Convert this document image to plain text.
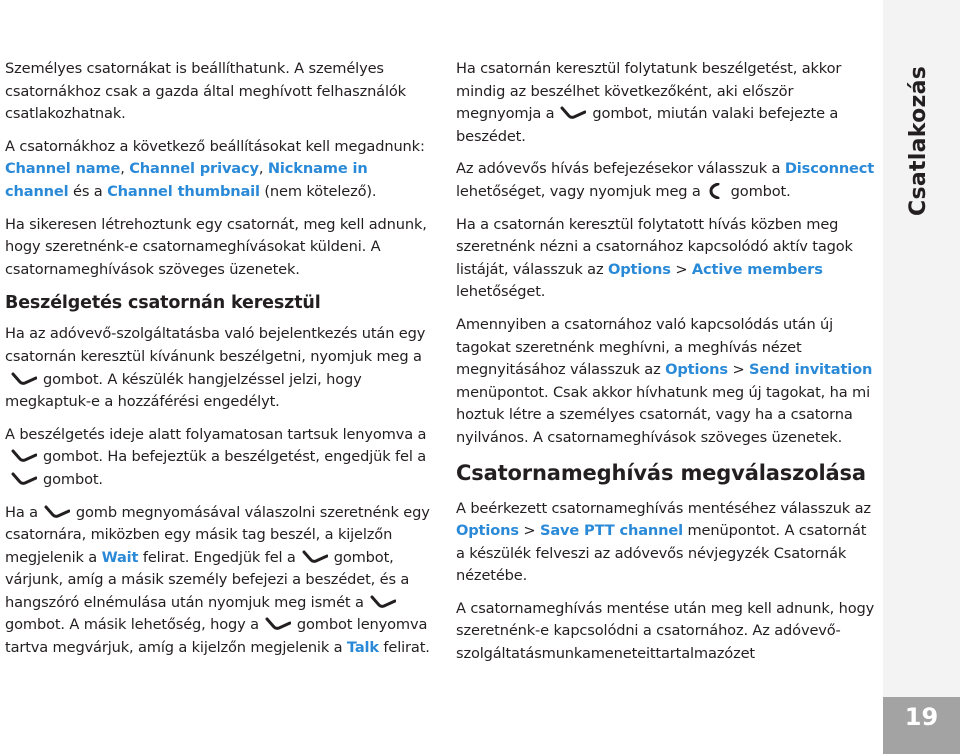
Csatlakozás
19

Személyes csatornákat is beállíthatunk. A személyes csatornákhoz csak a gazda által meghívott felhasználók csatlakozhatnak.

A csatornákhoz a következő beállításokat kell megadnunk: Channel name, Channel privacy, Nickname in channel és a Channel thumbnail (nem kötelező).

Ha sikeresen létrehoztunk egy csatornát, meg kell adnunk, hogy szeretnénk-e csatornameghívásokat küldeni. A csatornameghívások szöveges üzenetek.

Beszélgetés csatornán keresztül

Ha az adóvevő-szolgáltatásba való bejelentkezés után egy csatornán keresztül kívánunk beszélgetni, nyomjuk meg a
gombot. A készülék hangjelzéssel jelzi, hogy megkaptuk-e a hozzáférési engedélyt.

A beszélgetés ideje alatt folyamatosan tartsuk lenyomva a
gombot. Ha befejeztük a beszélgetést, engedjük fel a
gombot.

Ha a	gomb megnyomásával válaszolni szeretnénk egy csatornára, miközben egy másik tag beszél, a kijelzőn megjelenik a Wait felirat. Engedjük fel a	gombot, várjunk, amíg a másik személy befejezi a beszédet, és a hangszóró elnémulása után nyomjuk meg ismét a
gombot. A másik lehetőség, hogy a	gombot lenyomva tartva megvárjuk, amíg a kijelzőn megjelenik a Talk felirat.

Ha csatornán keresztül folytatunk beszélgetést, akkor mindig az beszélhet következőként, aki először megnyomja a	gombot, miután valaki befejezte a beszédet.

Az adóvevős hívás befejezésekor válasszuk a Disconnect lehetőséget, vagy nyomjuk meg a gombot.

Ha a csatornán keresztül folytatott hívás közben meg szeretnénk nézni a csatornához kapcsolódó aktív tagok listáját, válasszuk az Options > Active members lehetőséget.

Amennyiben a csatornához való kapcsolódás után új tagokat szeretnénk meghívni, a meghívás nézet megnyitásához válasszuk az Options > Send invitation menüpontot. Csak akkor hívhatunk meg új tagokat, ha mi hoztuk létre a személyes csatornát, vagy ha a csatorna nyilvános. A csatornameghívások szöveges üzenetek.

Csatornameghívás megválaszolása

A beérkezett csatornameghívás mentéséhez válasszuk az Options > Save PTT channel menüpontot. A csatornát a készülék felveszi az adóvevős névjegyzék Csatornák nézetébe.

A csatornameghívás mentése után meg kell adnunk, hogy szeretnénk-e kapcsolódni a csatornához. Az adóvevő-szolgáltatásmunkameneteittartalmazózet
